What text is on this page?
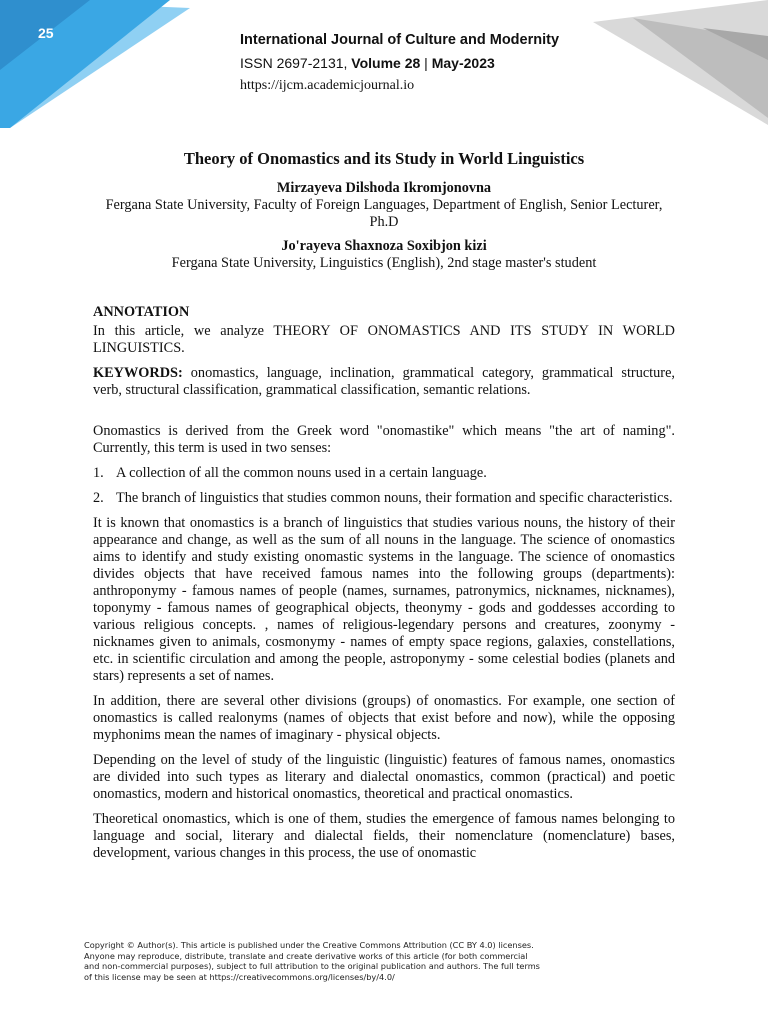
25	International Journal of Culture and Modernity
ISSN 2697-2131, Volume 28 | May-2023
https://ijcm.academicjournal.io
Theory of Onomastics and its Study in World Linguistics
Mirzayeva Dilshoda Ikromjonovna
Fergana State University, Faculty of Foreign Languages, Department of English, Senior Lecturer, Ph.D
Jo'rayeva Shaxnoza Soxibjon kizi
Fergana State University, Linguistics (English), 2nd stage master's student
ANNOTATION

In this article, we analyze THEORY OF ONOMASTICS AND ITS STUDY IN WORLD LINGUISTICS.

KEYWORDS: onomastics, language, inclination, grammatical category, grammatical structure, verb, structural classification, grammatical classification, semantic relations.

Onomastics is derived from the Greek word "onomastike" which means "the art of naming". Currently, this term is used in two senses:

1. A collection of all the common nouns used in a certain language.
2. The branch of linguistics that studies common nouns, their formation and specific characteristics.

It is known that onomastics is a branch of linguistics that studies various nouns, the history of their appearance and change, as well as the sum of all nouns in the language. The science of onomastics aims to identify and study existing onomastic systems in the language. The science of onomastics divides objects that have received famous names into the following groups (departments): anthroponymy - famous names of people (names, surnames, patronymics, nicknames, nicknames), toponymy - famous names of geographical objects, theonymy - gods and goddesses according to various religious concepts. , names of religious-legendary persons and creatures, zoonymy - nicknames given to animals, cosmonymy - names of empty space regions, galaxies, constellations, etc. in scientific circulation and among the people, astroponymy - some celestial bodies (planets and stars) represents a set of names.

In addition, there are several other divisions (groups) of onomastics. For example, one section of onomastics is called realonyms (names of objects that exist before and now), while the opposing myphonims mean the names of imaginary - physical objects.

Depending on the level of study of the linguistic (linguistic) features of famous names, onomastics are divided into such types as literary and dialectal onomastics, common (practical) and poetic onomastics, modern and historical onomastics, theoretical and practical onomastics.

Theoretical onomastics, which is one of them, studies the emergence of famous names belonging to language and social, literary and dialectal fields, their nomenclature (nomenclature) bases, development, various changes in this process, the use of onomastic

Copyright © Author(s). This article is published under the Creative Commons Attribution (CC BY 4.0) licenses.
Anyone may reproduce, distribute, translate and create derivative works of this article (for both commercial
and non-commercial purposes), subject to full attribution to the original publication and authors. The full terms
of this license may be seen at https://creativecommons.org/licenses/by/4.0/
